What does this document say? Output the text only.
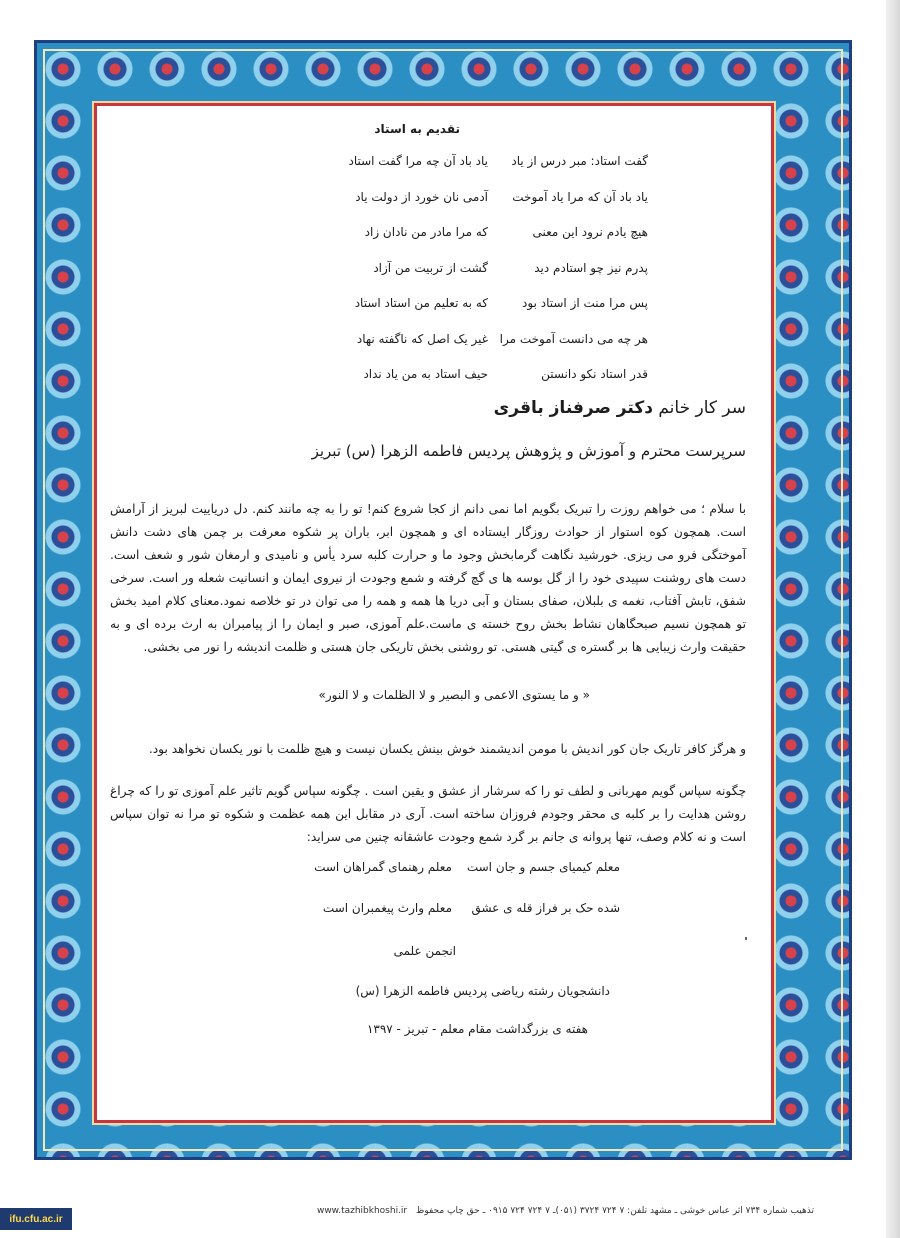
تقدیم به استاد
گفت استاد: مبر درس از یاد
یاد باد آن چه مرا گفت استاد
یاد باد آن که مرا یاد آموخت
آدمی نان خورد از دولت یاد
هیچ یادم نرود این معنی
که مرا مادر من نادان زاد
پدرم نیز چو استادم دید
گشت از تربیت من آزاد
پس مرا منت از استاد بود
که به تعلیم من استاد استاد
هر چه می دانست آموخت مرا
غیر یک اصل که ناگفته نهاد
قدر استاد نکو دانستن
حیف استاد به من یاد نداد
سر کار خانم دکتر صرفناز باقری
سرپرست محترم و آموزش و پژوهش پردیس فاطمه الزهرا (س) تبریز

با سلام ؛ می خواهم روزت را تبریک بگویم اما نمی دانم از کجا شروع کنم! تو را به چه مانند کنم. دل دریاییت لبریز از آرامش است. همچون کوه استوار از حوادث روزگار ایستاده ای و همچون ابر، باران پر شکوه معرفت بر چمن های دشت دانش آموختگی فرو می ریزی. خورشید نگاهت گرمابخش وجود ما و حرارت کلبه سرد یأس و نامیدی و ارمغان شور و شعف است. دست های روشنت سپیدی خود را از گل بوسه ها ی گچ گرفته و شمع وجودت از نیروی ایمان و انسانیت شعله ور است. سرخی شفق، تابش آفتاب، نغمه ی بلبلان، صفای بستان و آبی دریا ها همه و همه را می توان در تو خلاصه نمود.معنای کلام امید بخش تو همچون نسیم صبحگاهان نشاط بخش روح خسته ی ماست.علم آموزی، صبر و ایمان را از پیامبران به ارث برده ای و به حقیقت وارث زیبایی ها بر گستره ی گیتی هستی. تو روشنی بخش تاریکی جان هستی و ظلمت اندیشه را نور می بخشی.

« و ما یستوی الاعمی و البصیر و لا الظلمات و لا النور»

و هرگز کافر تاریک جان کور اندیش با مومن اندیشمند خوش بینش یکسان نیست و هیچ ظلمت با نور یکسان نخواهد بود.

چگونه سپاس گویم مهربانی و لطف تو را که سرشار از عشق و یقین است . چگونه سپاس گویم تاثیر علم آموزی تو را که چراغ روشن هدایت را بر کلبه ی محقر وجودم فروزان ساخته است. آری در مقابل این همه عظمت و شکوه تو مرا نه توان سپاس است و نه کلام وصف، تنها پروانه ی جانم بر گرد شمع وجودت عاشقانه چنین می سراید:

معلم کیمیای جسم و جان است
معلم رهنمای گمراهان است
شده حک بر فراز قله ی عشق
معلم وارث پیغمبران است
انجمن علمی
دانشجویان رشته ریاضی پردیس فاطمه الزهرا (س)
هفته ی بزرگداشت مقام معلم - تبریز - ۱۳۹۷
تذهیب شماره ۷۳۴ اثر عباس خوشی ـ مشهد تلفن: ۷ ۷۲۴ ۳۷۲۴ (۰۵۱)ـ ۷ ۷۲۴ ۷۲۴ ۰۹۱۵ ـ حق چاپ محفوظ www.tazhibkhoshi.ir
ifu.cfu.ac.ir
